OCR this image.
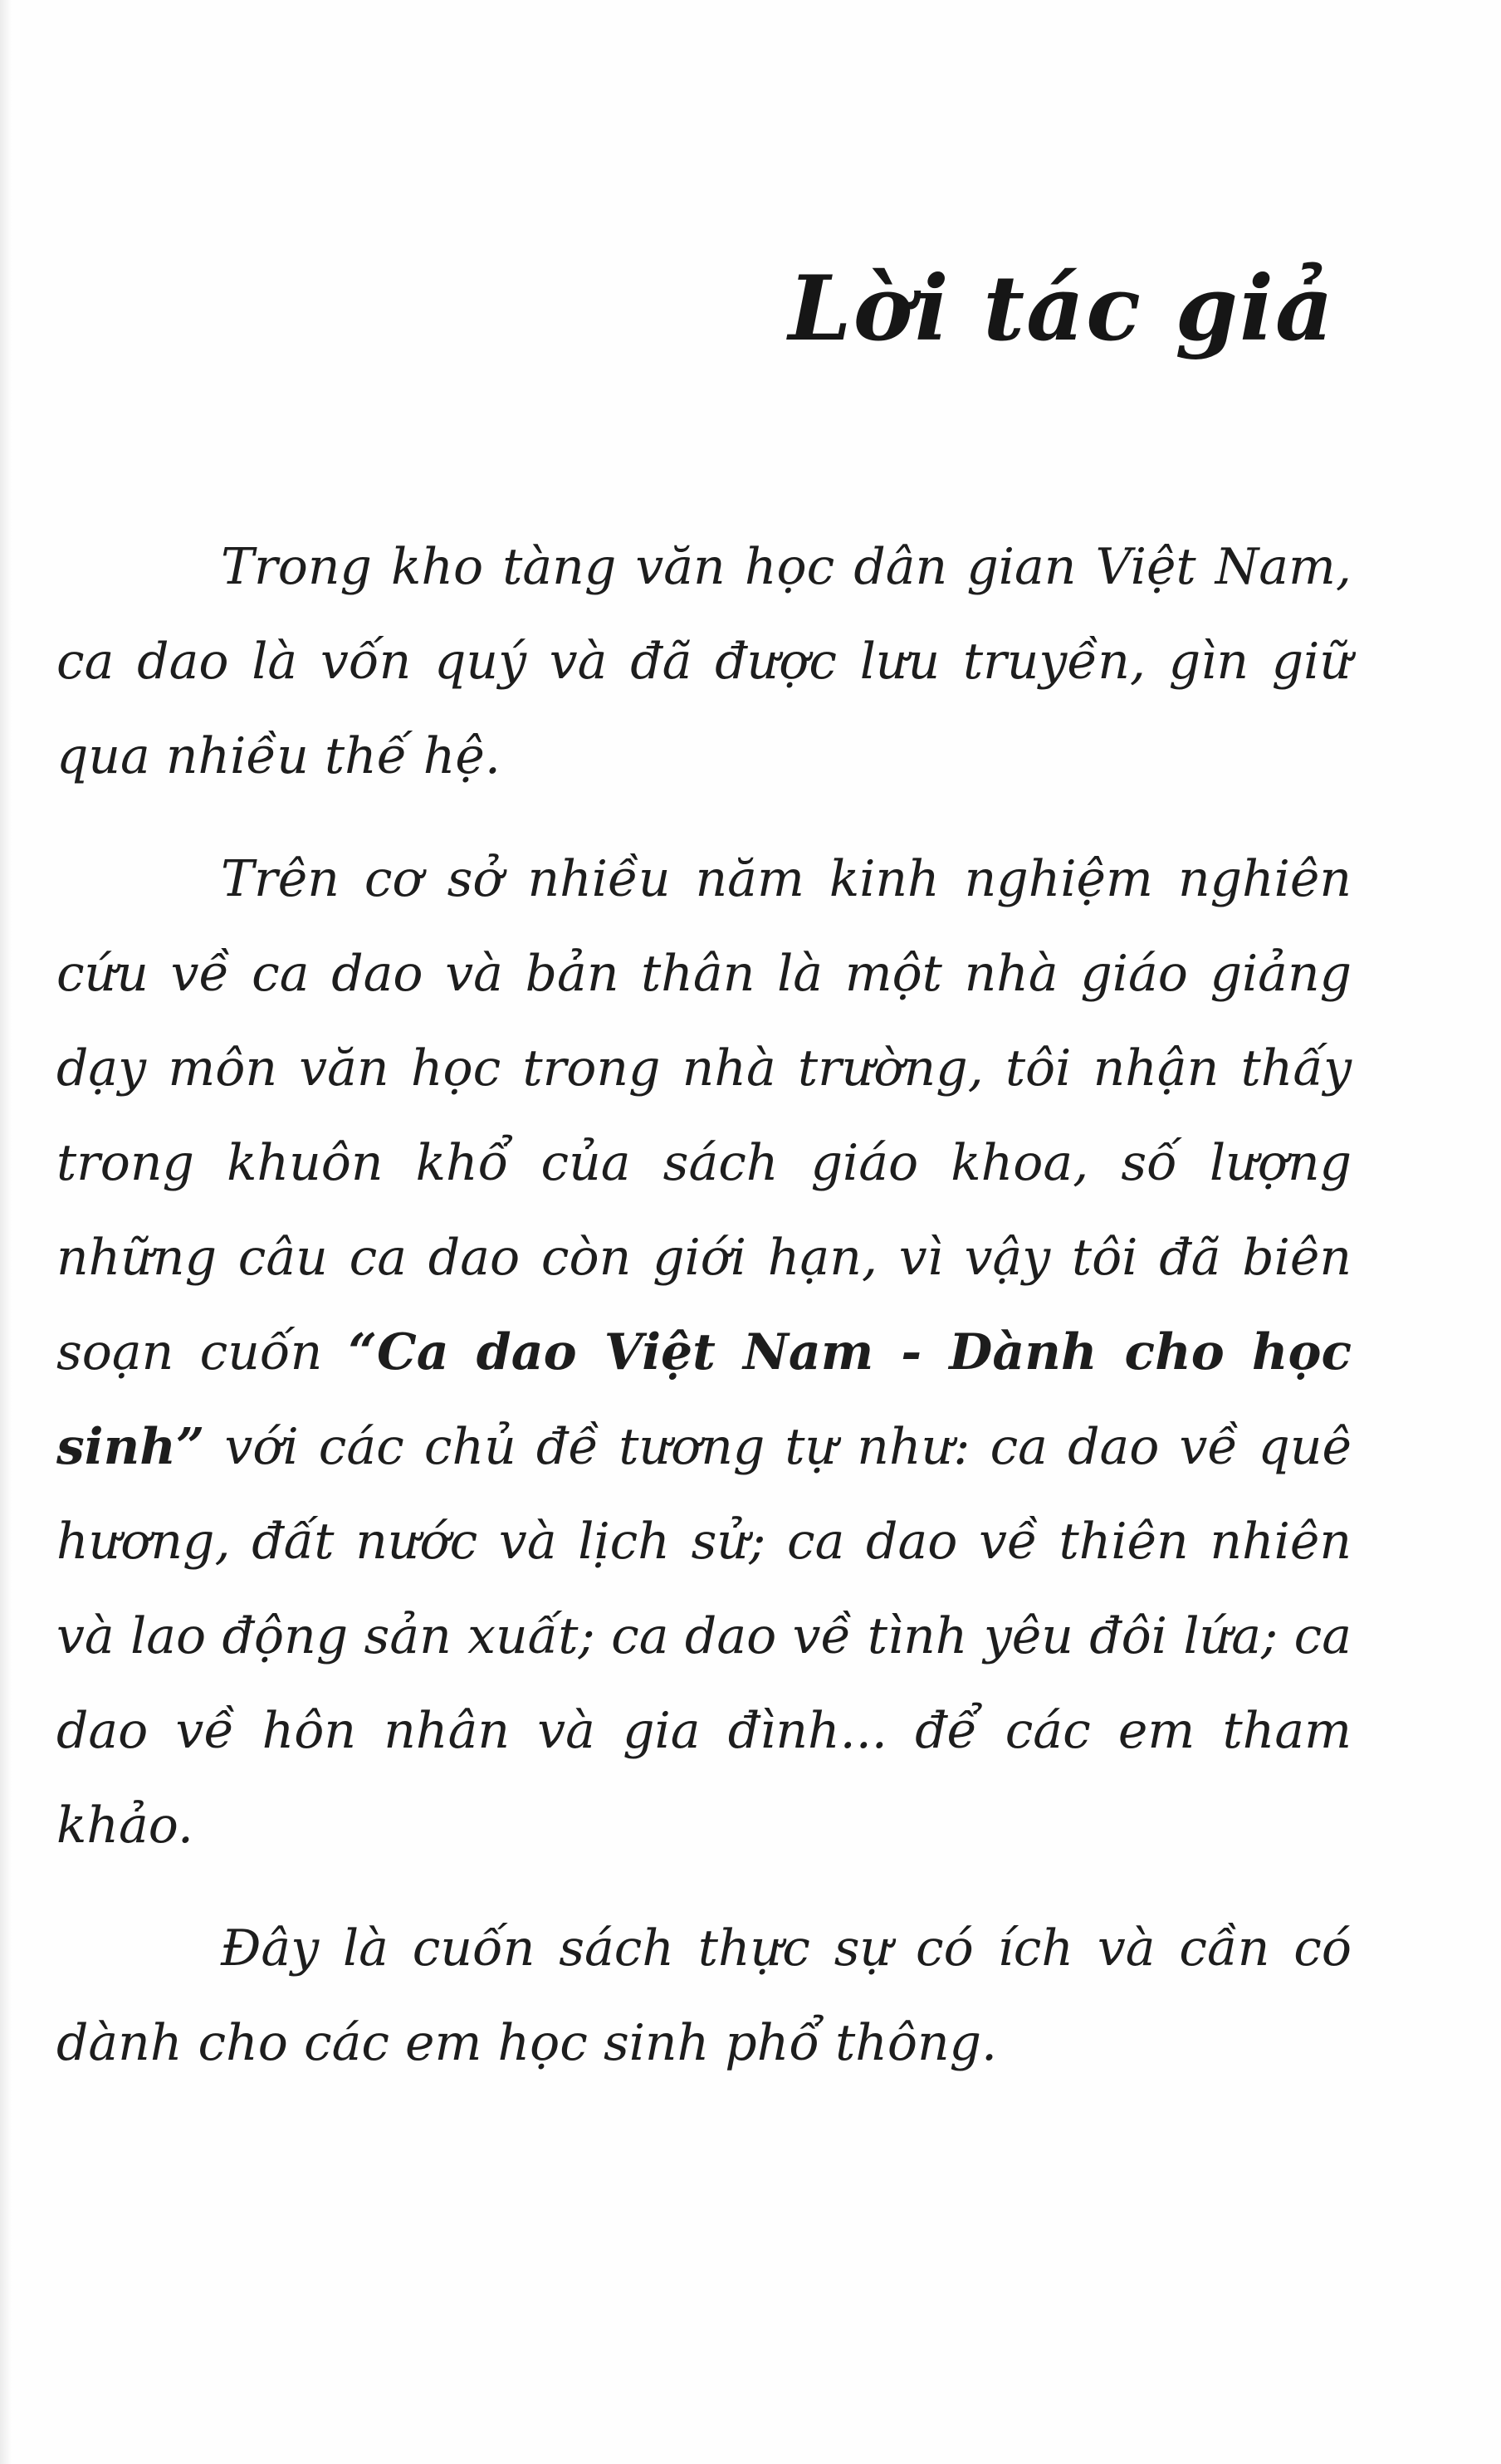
Lời tác giả

Trong kho tàng văn học dân gian Việt Nam, ca dao là vốn quý và đã được lưu truyền, gìn giữ qua nhiều thế hệ.

Trên cơ sở nhiều năm kinh nghiệm nghiên cứu về ca dao và bản thân là một nhà giáo giảng dạy môn văn học trong nhà trường, tôi nhận thấy trong khuôn khổ của sách giáo khoa, số lượng những câu ca dao còn giới hạn, vì vậy tôi đã biên soạn cuốn “Ca dao Việt Nam - Dành cho học sinh” với các chủ đề tương tự như: ca dao về quê hương, đất nước và lịch sử; ca dao về thiên nhiên và lao động sản xuất; ca dao về tình yêu đôi lứa; ca dao về hôn nhân và gia đình... để các em tham khảo.

Đây là cuốn sách thực sự có ích và cần có dành cho các em học sinh phổ thông.
